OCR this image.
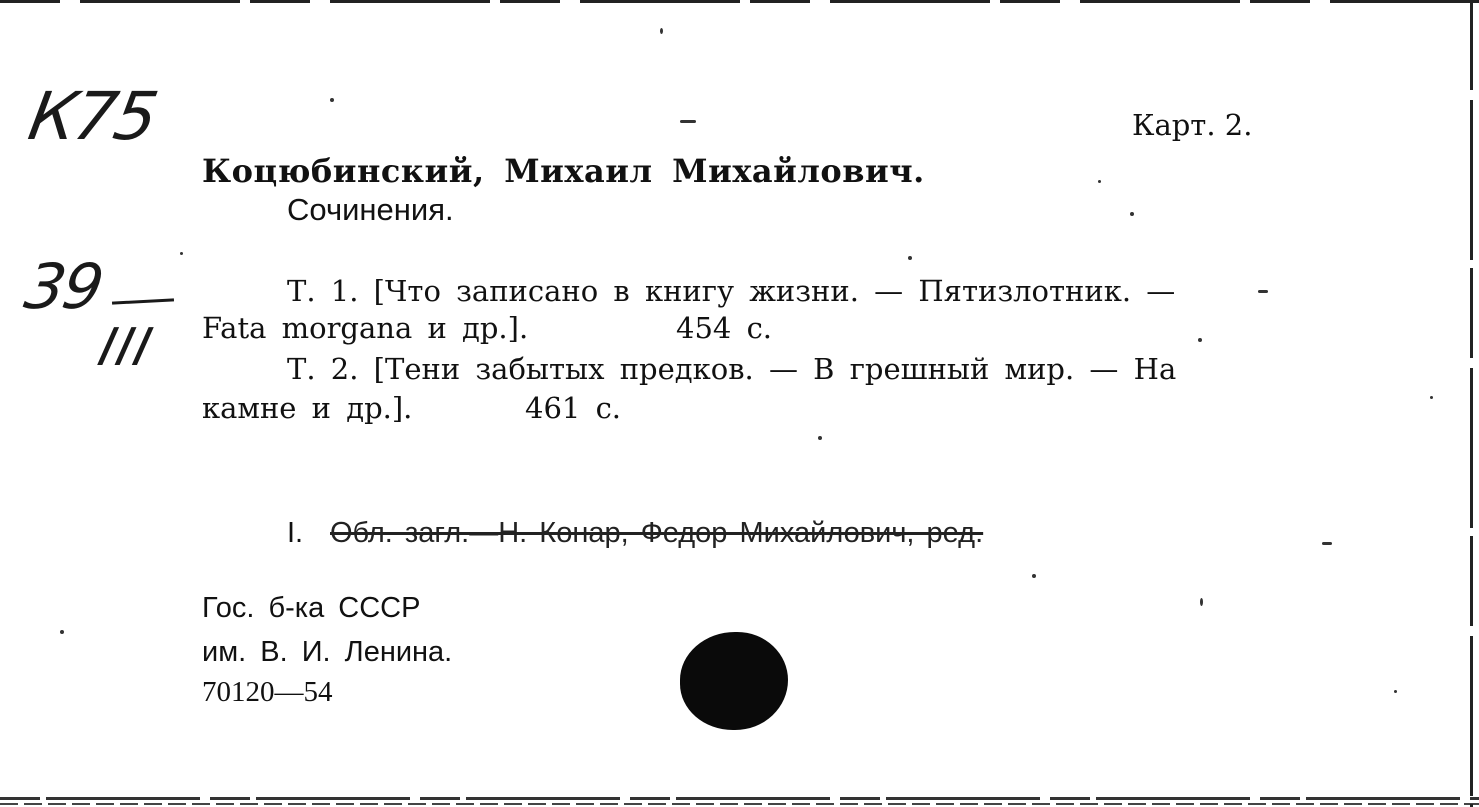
К75
39
III
Карт. 2.
Коцюбинский, Михаил Михайлович.
Сочинения.
Т. 1. [Что записано в книгу жизни. — Пятизлотник. —
Fata morgana и др.].	454 с.
Т. 2. [Тени забытых предков. — В грешный мир. — На
камне и др.].	461 с.
I. Обл. загл.—Н. Конар, Федор Михайлович, ред.
Гос. б-ка СССР
им. В. И. Ленина.
70120—54
